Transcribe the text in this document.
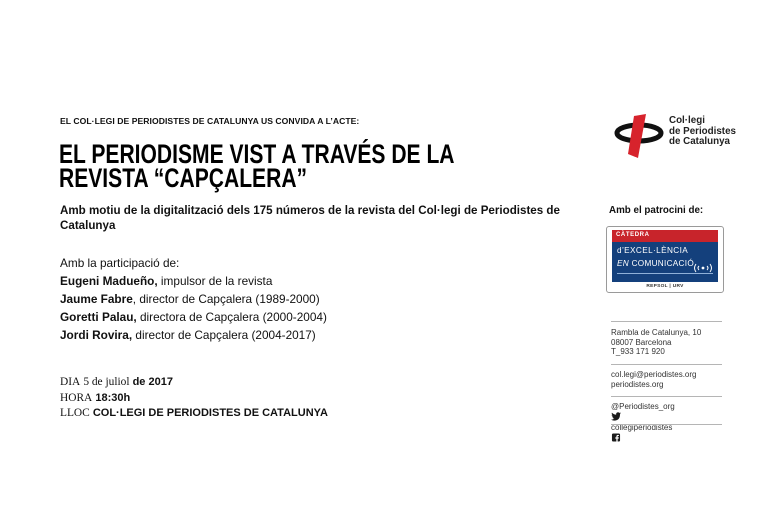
EL COL·LEGI DE PERIODISTES DE CATALUNYA US CONVIDA A L’ACTE:
EL PERIODISME VIST A TRAVÉS DE LA
REVISTA “CAPÇALERA”
Amb motiu de la digitalització dels 175 números de la revista del Col·legi de Periodistes de Catalunya
Amb la participació de:
Eugeni Madueño, impulsor de la revista
Jaume Fabre, director de Capçalera (1989-2000)
Goretti Palau, directora de Capçalera (2000-2004)
Jordi Rovira, director de Capçalera (2004-2017)
DIA 5 de juliol de 2017
HORA 18:30h
LLOC COL·LEGI DE PERIODISTES DE CATALUNYA
Col·legi
de Periodistes
de Catalunya
Amb el patrocini de:
CÀTEDRA
d’EXCEL·LÈNCIA
EN COMUNICACIÓ
REPSOL | URV
Rambla de Catalunya, 10
08007 Barcelona
T_933 171 920
col.legi@periodistes.org
periodistes.org
@Periodistes_org
collegiperiodistes
